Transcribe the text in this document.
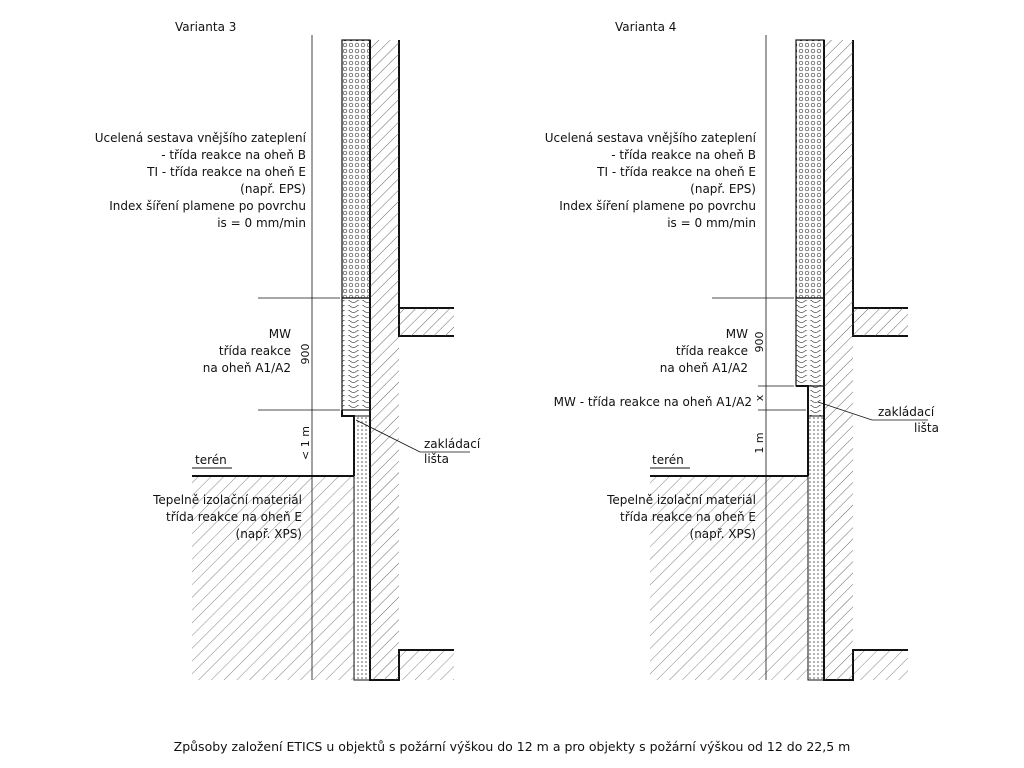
Varianta 3
Ucelená sestava vnějšího zateplení
- třída reakce na oheň B
TI - třída reakce na oheň E
(např. EPS)
Index šíření plamene po povrchu
is = 0 mm/min
MW
třída reakce
na oheň A1/A2
900
< 1 m
terén
Tepelně izolační materiál
třída reakce na oheň E
(např. XPS)
zakládací
lišta
Varianta 4
Ucelená sestava vnějšího zateplení
- třída reakce na oheň B
TI - třída reakce na oheň E
(např. EPS)
Index šíření plamene po povrchu
is = 0 mm/min
MW
třída reakce
na oheň A1/A2
MW - třída reakce na oheň A1/A2
900
x
1 m
terén
Tepelně izolační materiál
třída reakce na oheň E
(např. XPS)
zakládací
lišta
Způsoby založení ETICS u objektů s požární výškou do 12 m a pro objekty s požární výškou od 12 do 22,5 m
